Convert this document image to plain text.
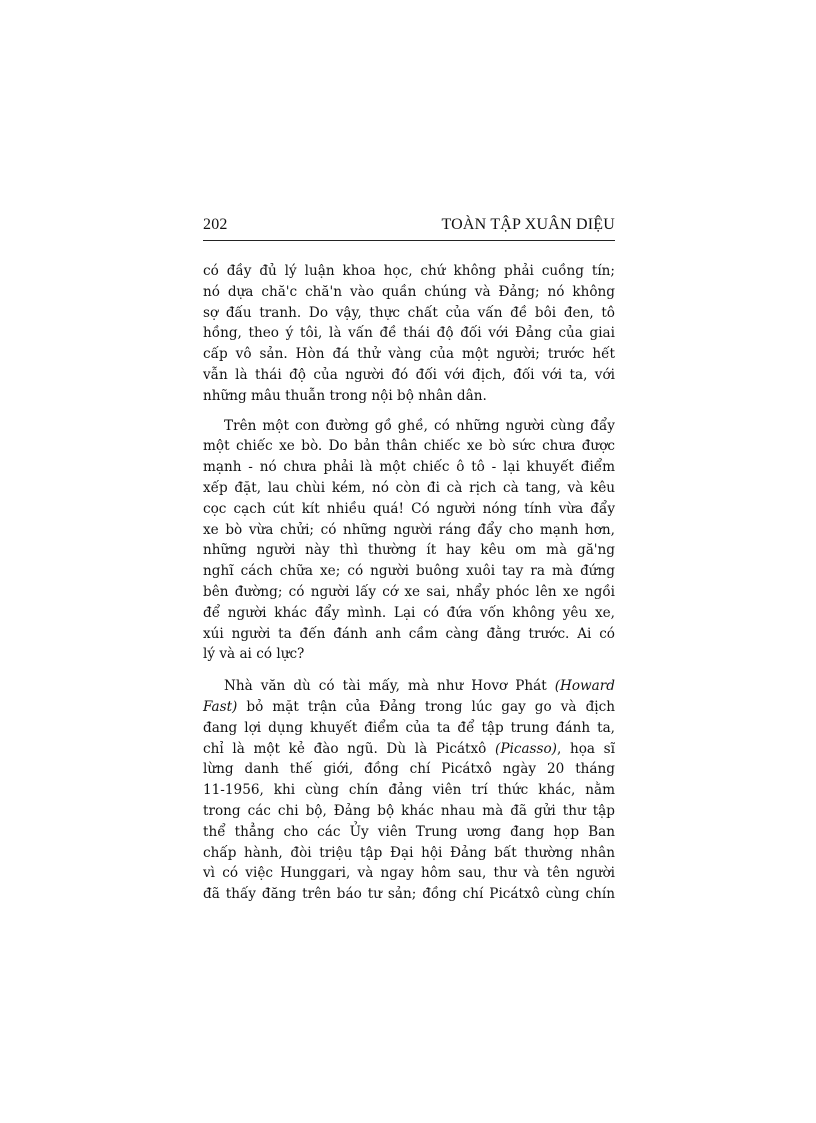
202	TOÀN TẬP XUÂN DIỆU

có đầy đủ lý luận khoa học, chứ không phải cuồng tín;
nó dựa chă'c chă'n vào quần chúng và Đảng; nó không
sợ đấu tranh. Do vậy, thực chất của vấn đề bôi đen, tô
hồng, theo ý tôi, là vấn đề thái độ đối với Đảng của giai
cấp vô sản. Hòn đá thử vàng của một người; trước hết
vẫn là thái độ của người đó đối với địch, đối với ta, với
những mâu thuẫn trong nội bộ nhân dân.

Trên một con đường gồ ghề, có những người cùng đẩy
một chiếc xe bò. Do bản thân chiếc xe bò sức chưa được
mạnh - nó chưa phải là một chiếc ô tô - lại khuyết điểm
xếp đặt, lau chùi kém, nó còn đi cà rịch cà tang, và kêu
cọc cạch cút kít nhiều quá! Có người nóng tính vừa đẩy
xe bò vừa chửi; có những người ráng đẩy cho mạnh hơn,
những người này thì thường ít hay kêu om mà gă'ng
nghĩ cách chữa xe; có người buông xuôi tay ra mà đứng
bên đường; có người lấy cớ xe sai, nhẩy phóc lên xe ngồi
để người khác đẩy mình. Lại có đứa vốn không yêu xe,
xúi người ta đến đánh anh cầm càng đằng trước. Ai có
lý và ai có lực?

Nhà văn dù có tài mấy, mà như Hovơ Phát (Howard
Fast) bỏ mặt trận của Đảng trong lúc gay go và địch
đang lợi dụng khuyết điểm của ta để tập trung đánh ta,
chỉ là một kẻ đào ngũ. Dù là Picátxô (Picasso), họa sĩ
lừng danh thế giới, đồng chí Picátxô ngày 20 tháng
11-1956, khi cùng chín đảng viên trí thức khác, nằm
trong các chi bộ, Đảng bộ khác nhau mà đã gửi thư tập
thể thẳng cho các Ủy viên Trung ương đang họp Ban
chấp hành, đòi triệu tập Đại hội Đảng bất thường nhân
vì có việc Hunggari, và ngay hôm sau, thư và tên người
đã thấy đăng trên báo tư sản; đồng chí Picátxô cùng chín
